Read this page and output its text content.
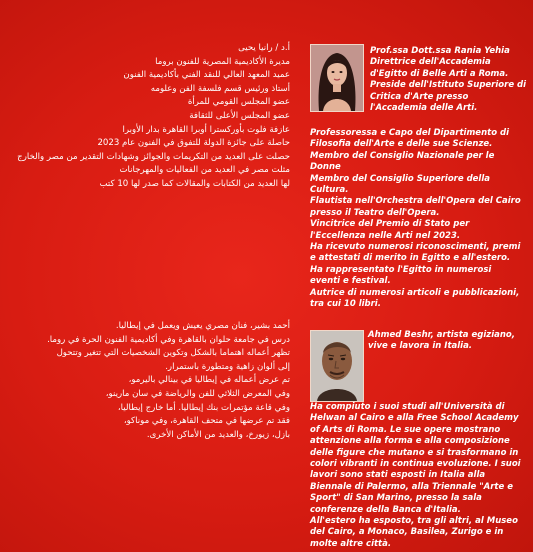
Prof.ssa Dott.ssa Rania Yehia Direttrice dell'Accademia d'Egitto di Belle Arti a Roma. Preside dell'Istituto Superiore di Critica d'Arte presso l'Accademia delle Arti.

Professoressa e Capo del Dipartimento di Filosofia dell'Arte e delle sue Scienze.

Membro del Consiglio Nazionale per le Donne

Membro del Consiglio Superiore della Cultura.

Flautista nell'Orchestra dell'Opera del Cairo presso il Teatro dell'Opera.

Vincitrice del Premio di Stato per l'Eccellenza nelle Arti nel 2023.

Ha ricevuto numerosi riconoscimenti, premi e attestati di merito in Egitto e all'estero.

Ha rappresentato l'Egitto in numerosi eventi e festival.

Autrice di numerosi articoli e pubblicazioni, tra cui 10 libri.

أ.د / رانيا يحيى

مديرة الأكاديمية المصرية للفنون بروما

عميد المعهد العالي للنقد الفني بأكاديمية الفنون

أستاذ ورئيس قسم فلسفة الفن وعلومه

عضو المجلس القومي للمرأة

عضو المجلس الأعلى للثقافة

عازفة فلوت بأوركسترا أوبرا القاهرة بدار الأوبرا

حاصلة على جائزة الدولة للتفوق في الفنون عام 2023

حصلت على العديد من التكريمات والجوائز وشهادات التقدير من مصر والخارج

مثلت مصر في العديد من الفعاليات والمهرجانات

لها العديد من الكتابات والمقالات كما صدر لها 10 كتب

Ahmed Beshr, artista egiziano, vive e lavora in Italia.

Ha compiuto i suoi studi all'Università di Helwan al Cairo e alla Free School Academy of Arts di Roma. Le sue opere mostrano attenzione alla forma e alla composizione delle figure che mutano e si trasformano in colori vibranti in continua evoluzione. I suoi lavori sono stati esposti in Italia alla Biennale di Palermo, alla Triennale "Arte e Sport" di San Marino, presso la sala conferenze della Banca d'Italia.

All'estero ha esposto, tra gli altri, al Museo del Cairo, a Monaco, Basilea, Zurigo e in molte altre città.

أحمد بشير، فنان مصري يعيش ويعمل في إيطاليا.

درس في جامعة حلوان بالقاهرة وفي أكاديمية الفنون الحرة في روما.

تظهر أعماله اهتماما بالشكل وتكوين الشخصيات التي تتغير وتتحول

إلى ألوان زاهية ومتطورة باستمرار.

تم عرض أعماله في إيطاليا في بينالي باليرمو،

وفي المعرض الثلاثي للفن والرياضة في سان مارينو،

وفي قاعة مؤتمرات بنك إيطاليا. أما خارج إيطاليا،

فقد تم عرضها في متحف القاهرة، وفي موناكو،

بازل، زيورخ، والعديد من الأماكن الأخرى.
